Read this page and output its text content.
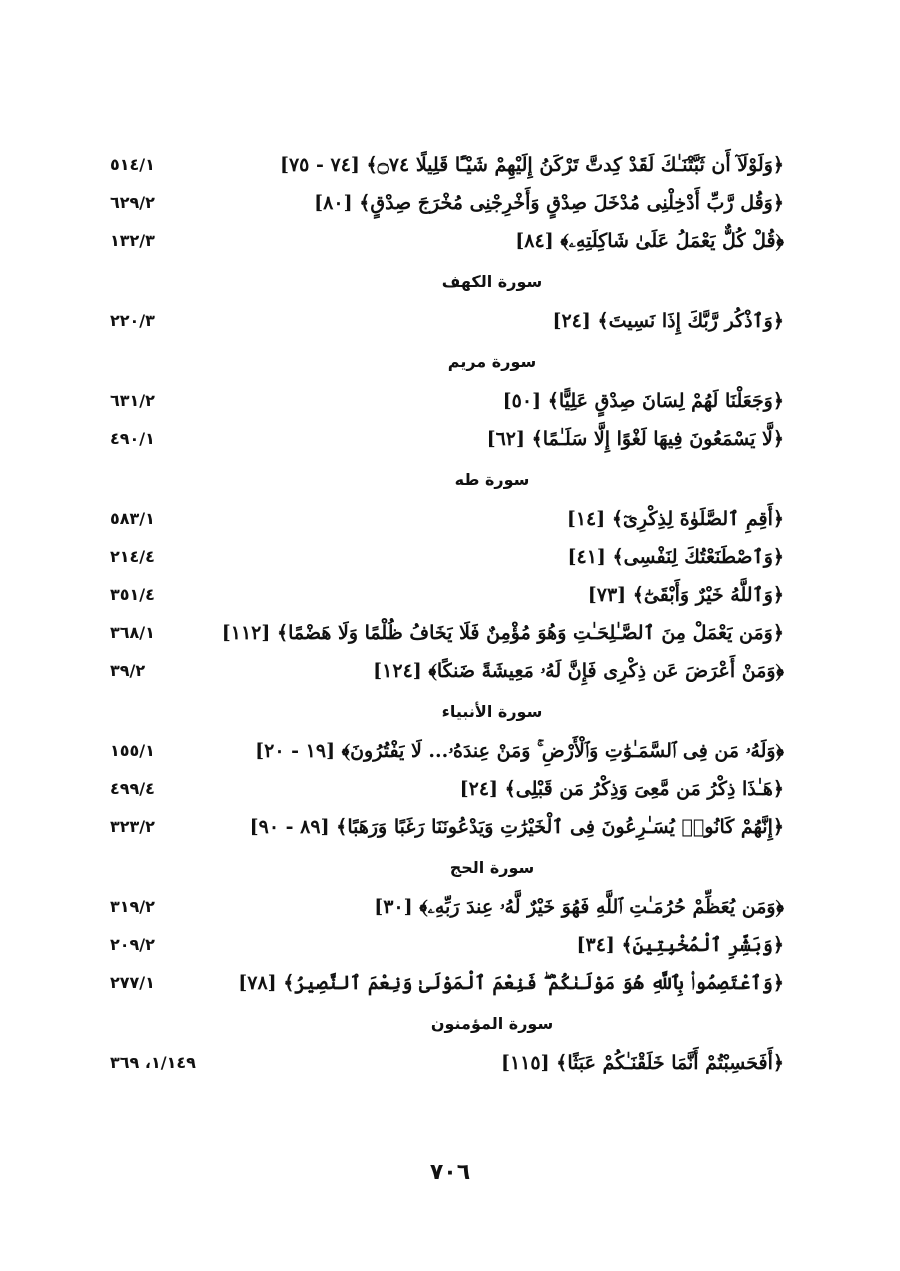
﴿وَلَوْلَآ أَن ثَبَّتْنَـٰكَ لَقَدْ كِدتَّ تَرْكَنُ إِلَيْهِمْ شَيْـًٔا قَلِيلًا ۝٧٤﴾ [٧٤ - ٧٥]
٥١٤/١
﴿وَقُل رَّبِّ أَدْخِلْنِى مُدْخَلَ صِدْقٍ وَأَخْرِجْنِى مُخْرَجَ صِدْقٍ﴾ [٨٠]
٦٢٩/٢
﴿قُلْ كُلٌّ يَعْمَلُ عَلَىٰ شَاكِلَتِهِۦ﴾ [٨٤]
١٣٢/٣
سورة الكهف
﴿وَٱذْكُر رَّبَّكَ إِذَا نَسِيتَ﴾ [٢٤]
٢٢٠/٣
سورة مريم
﴿وَجَعَلْنَا لَهُمْ لِسَانَ صِدْقٍ عَلِيًّا﴾ [٥٠]
٦٣١/٢
﴿لَّا يَسْمَعُونَ فِيهَا لَغْوًا إِلَّا سَلَـٰمًا﴾ [٦٢]
٤٩٠/١
سورة طه
﴿أَقِمِ ٱلصَّلَوٰةَ لِذِكْرِىٓ﴾ [١٤]
٥٨٣/١
﴿وَٱصْطَنَعْتُكَ لِنَفْسِى﴾ [٤١]
٢١٤/٤
﴿وَٱللَّهُ خَيْرٌ وَأَبْقَىٰٓ﴾ [٧٣]
٣٥١/٤
﴿وَمَن يَعْمَلْ مِنَ ٱلصَّـٰلِحَـٰتِ وَهُوَ مُؤْمِنٌ فَلَا يَخَافُ ظُلْمًا وَلَا هَضْمًا﴾ [١١٢]
٣٦٨/١
﴿وَمَنْ أَعْرَضَ عَن ذِكْرِى فَإِنَّ لَهُۥ مَعِيشَةً ضَنكًا﴾ [١٢٤]
٣٩/٢
سورة الأنبياء
﴿وَلَهُۥ مَن فِى ٱلسَّمَـٰوَٰتِ وَٱلْأَرْضِ ۚ وَمَنْ عِندَهُۥ... لَا يَفْتُرُونَ﴾ [١٩ - ٢٠]
١٥٥/١
﴿هَـٰذَا ذِكْرُ مَن مَّعِىَ وَذِكْرُ مَن قَبْلِى﴾ [٢٤]
٤٩٩/٤
﴿إِنَّهُمْ كَانُوا۟ يُسَـٰرِعُونَ فِى ٱلْخَيْرَٰتِ وَيَدْعُونَنَا رَغَبًا وَرَهَبًا﴾ [٨٩ - ٩٠]
٣٢٣/٢
سورة الحج
﴿وَمَن يُعَظِّمْ حُرُمَـٰتِ ٱللَّهِ فَهُوَ خَيْرٌ لَّهُۥ عِندَ رَبِّهِۦ﴾ [٣٠]
٣١٩/٢
﴿وَبَشِّرِ ٱلْمُخْبِتِينَ﴾ [٣٤]
٢٠٩/٢
﴿وَٱعْتَصِمُوا۟ بِٱللَّهِ هُوَ مَوْلَىٰكُمْ ۖ فَنِعْمَ ٱلْمَوْلَىٰ وَنِعْمَ ٱلنَّصِيرُ﴾ [٧٨]
٢٧٧/١
سورة المؤمنون
﴿أَفَحَسِبْتُمْ أَنَّمَا خَلَقْنَـٰكُمْ عَبَثًا﴾ [١١٥]
١/١٤٩، ٣٦٩
٧٠٦
